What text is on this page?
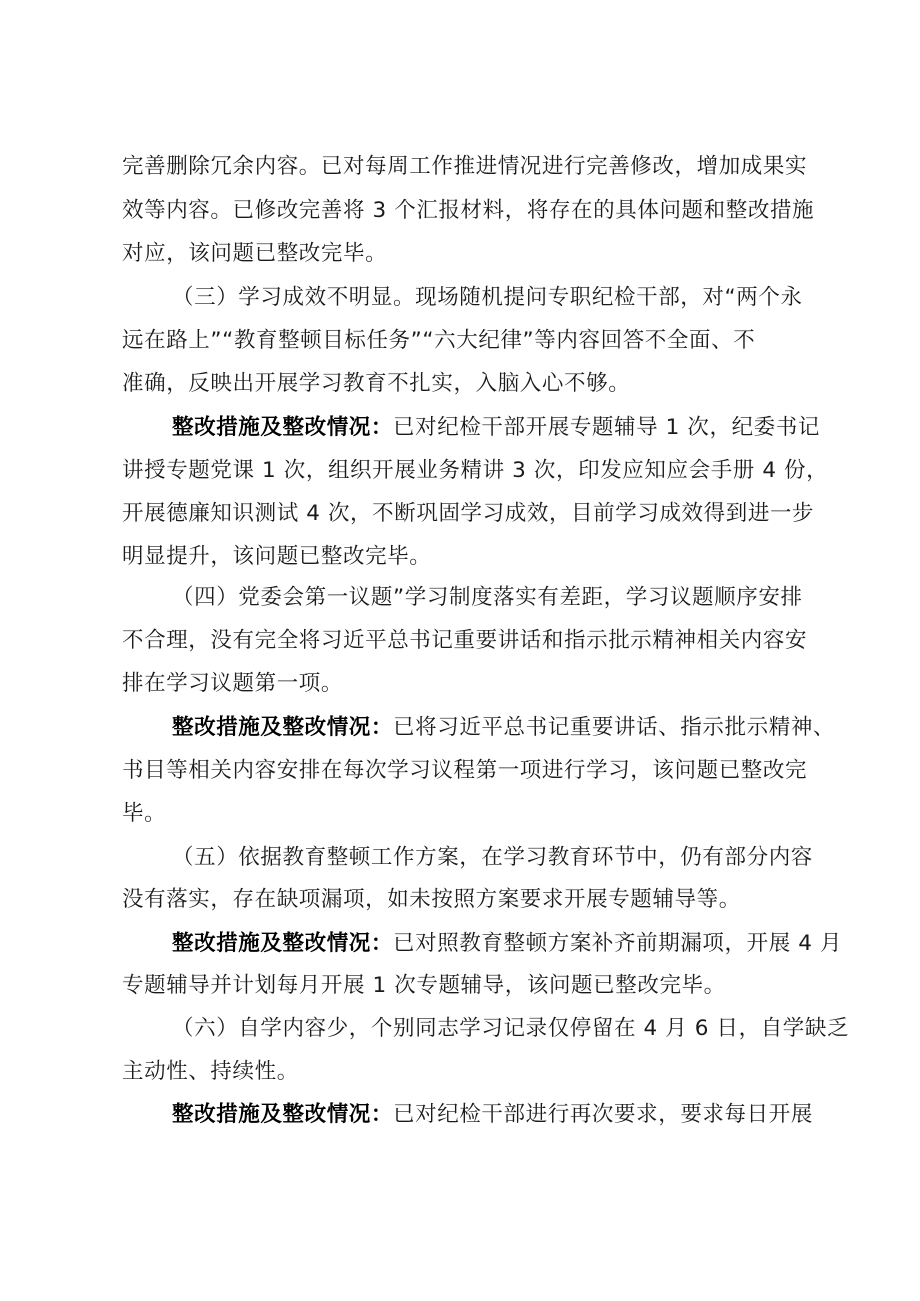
完善删除冗余内容。已对每周工作推进情况进行完善修改，增加成果实
效等内容。已修改完善将 3 个汇报材料，将存在的具体问题和整改措施
对应，该问题已整改完毕。
（三）学习成效不明显。现场随机提问专职纪检干部，对“两个永
远在路上”“教育整顿目标任务”“六大纪律”等内容回答不全面、不
准确，反映出开展学习教育不扎实，入脑入心不够。
整改措施及整改情况：已对纪检干部开展专题辅导 1 次，纪委书记
讲授专题党课 1 次，组织开展业务精讲 3 次，印发应知应会手册 4 份，
开展德廉知识测试 4 次，不断巩固学习成效，目前学习成效得到进一步
明显提升，该问题已整改完毕。
（四）党委会第一议题”学习制度落实有差距，学习议题顺序安排
不合理，没有完全将习近平总书记重要讲话和指示批示精神相关内容安
排在学习议题第一项。
整改措施及整改情况：已将习近平总书记重要讲话、指示批示精神、
书目等相关内容安排在每次学习议程第一项进行学习，该问题已整改完
毕。
（五）依据教育整顿工作方案，在学习教育环节中，仍有部分内容
没有落实，存在缺项漏项，如未按照方案要求开展专题辅导等。
整改措施及整改情况：已对照教育整顿方案补齐前期漏项，开展 4 月
专题辅导并计划每月开展 1 次专题辅导，该问题已整改完毕。
（六）自学内容少，个别同志学习记录仅停留在 4 月 6 日，自学缺乏
主动性、持续性。
整改措施及整改情况：已对纪检干部进行再次要求，要求每日开展
